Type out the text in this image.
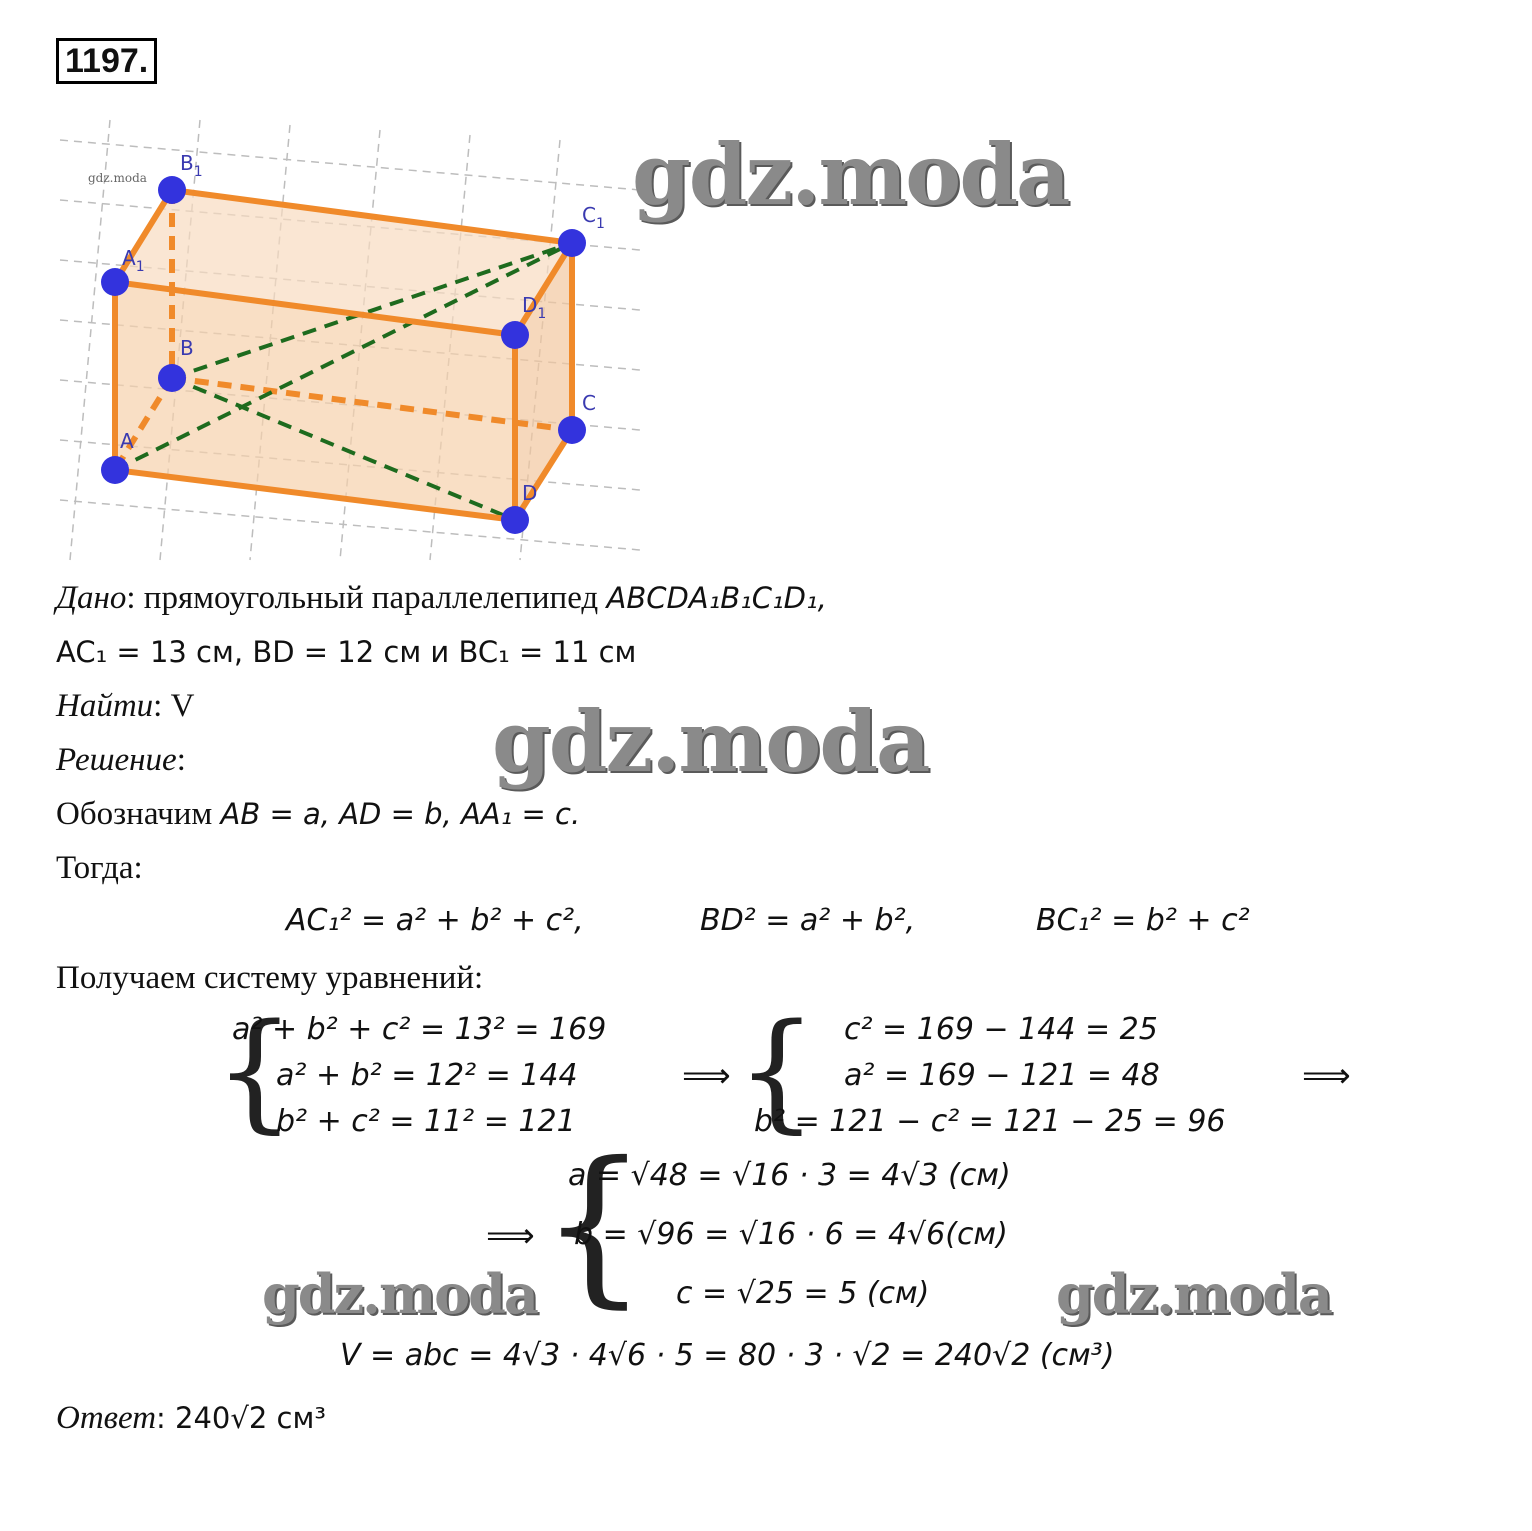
1197.
A
B
C
D
$A_1$
$B_1$
$C_1$
$D_1$
gdz.moda	gdz.moda
Дано: прямоугольный параллелепипед ABCDA₁B₁C₁D₁,
AC₁ = 13 см, BD = 12 см и BC₁ = 11 см
Найти: V
Решение:	gdz.moda
Обозначим AB = a, AD = b, AA₁ = c.
Тогда:
AC₁² = a² + b² + c²,	BD² = a² + b²,	BC₁² = b² + c²
Получаем систему уравнений:
{
a² + b² + c² = 13² = 169
a² + b² = 12² = 144
b² + c² = 11² = 121
⟹ { c² = 169 − 144 = 25
a² = 169 − 121 = 48
b² = 121 − c² = 121 − 25 = 96
⟹
⟹ {
a = √48 = √16 · 3 = 4√3 (см)
b = √96 = √16 · 6 = 4√6(см)
c = √25 = 5 (см)
gdz.moda	gdz.moda
V = abc = 4√3 · 4√6 · 5 = 80 · 3 · √2 = 240√2 (см³)
Ответ: 240√2 см³
